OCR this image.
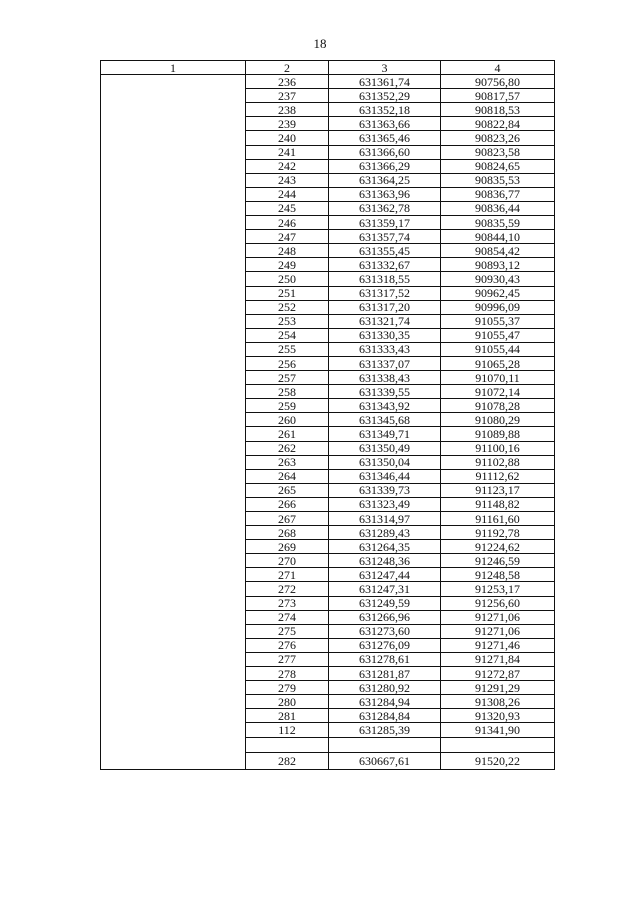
18
1	2	3	4
	236	631361,74	90756,80
	237	631352,29	90817,57
	238	631352,18	90818,53
	239	631363,66	90822,84
	240	631365,46	90823,26
	241	631366,60	90823,58
	242	631366,29	90824,65
	243	631364,25	90835,53
	244	631363,96	90836,77
	245	631362,78	90836,44
	246	631359,17	90835,59
	247	631357,74	90844,10
	248	631355,45	90854,42
	249	631332,67	90893,12
	250	631318,55	90930,43
	251	631317,52	90962,45
	252	631317,20	90996,09
	253	631321,74	91055,37
	254	631330,35	91055,47
	255	631333,43	91055,44
	256	631337,07	91065,28
	257	631338,43	91070,11
	258	631339,55	91072,14
	259	631343,92	91078,28
	260	631345,68	91080,29
	261	631349,71	91089,88
	262	631350,49	91100,16
	263	631350,04	91102,88
	264	631346,44	91112,62
	265	631339,73	91123,17
	266	631323,49	91148,82
	267	631314,97	91161,60
	268	631289,43	91192,78
	269	631264,35	91224,62
	270	631248,36	91246,59
	271	631247,44	91248,58
	272	631247,31	91253,17
	273	631249,59	91256,60
	274	631266,96	91271,06
	275	631273,60	91271,06
	276	631276,09	91271,46
	277	631278,61	91271,84
	278	631281,87	91272,87
	279	631280,92	91291,29
	280	631284,94	91308,26
	281	631284,84	91320,93
	112	631285,39	91341,90

	282	630667,61	91520,22
